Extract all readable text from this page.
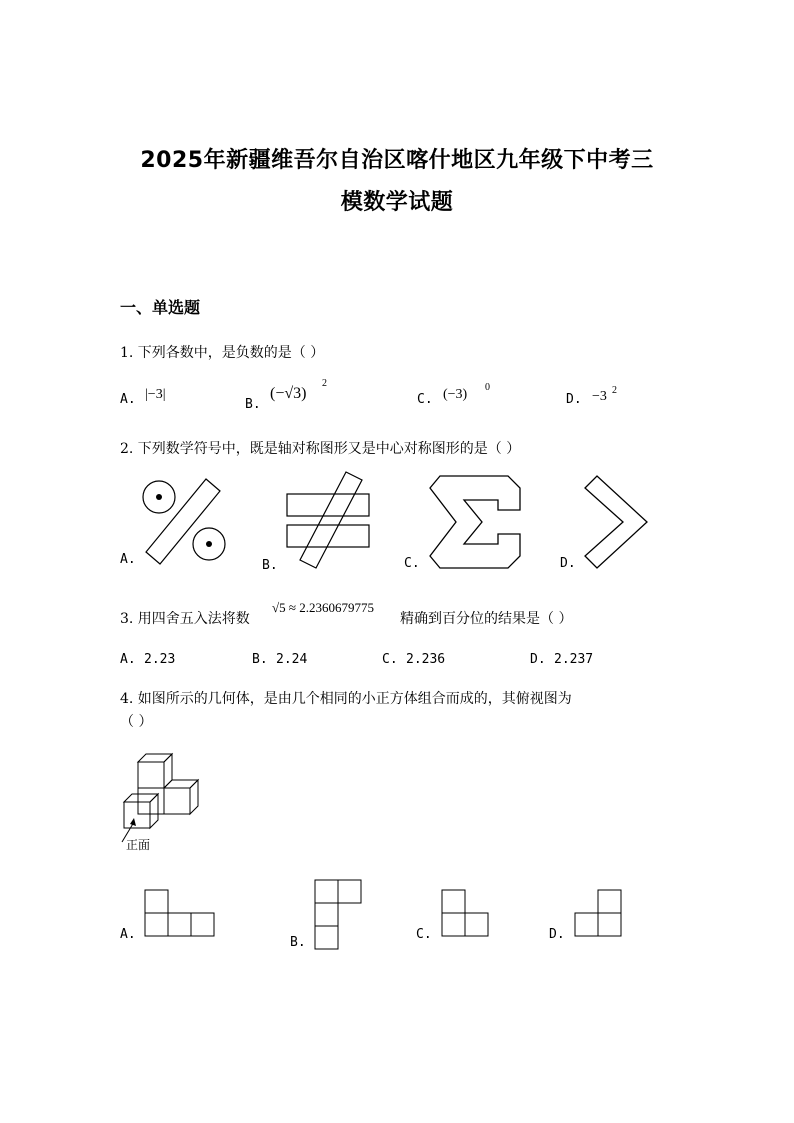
2025年新疆维吾尔自治区喀什地区九年级下中考三
模数学试题
一、单选题
1. 下列各数中，是负数的是（ ）
A. |−3|
B.
(−√3)
2
C. (−3) 0
D. −3 2
2. 下列数学符号中，既是轴对称图形又是中心对称图形的是（ ）
A.	B.	C.	D.
3. 用四舍五入法将数
√5 ≈ 2.2360679775
精确到百分位的结果是（ ）
A. 2.23	B. 2.24	C. 2.236	D. 2.237
4. 如图所示的几何体，是由几个相同的小正方体组合而成的，其俯视图为
（ ）
正面
A.
B.
C.	D.
